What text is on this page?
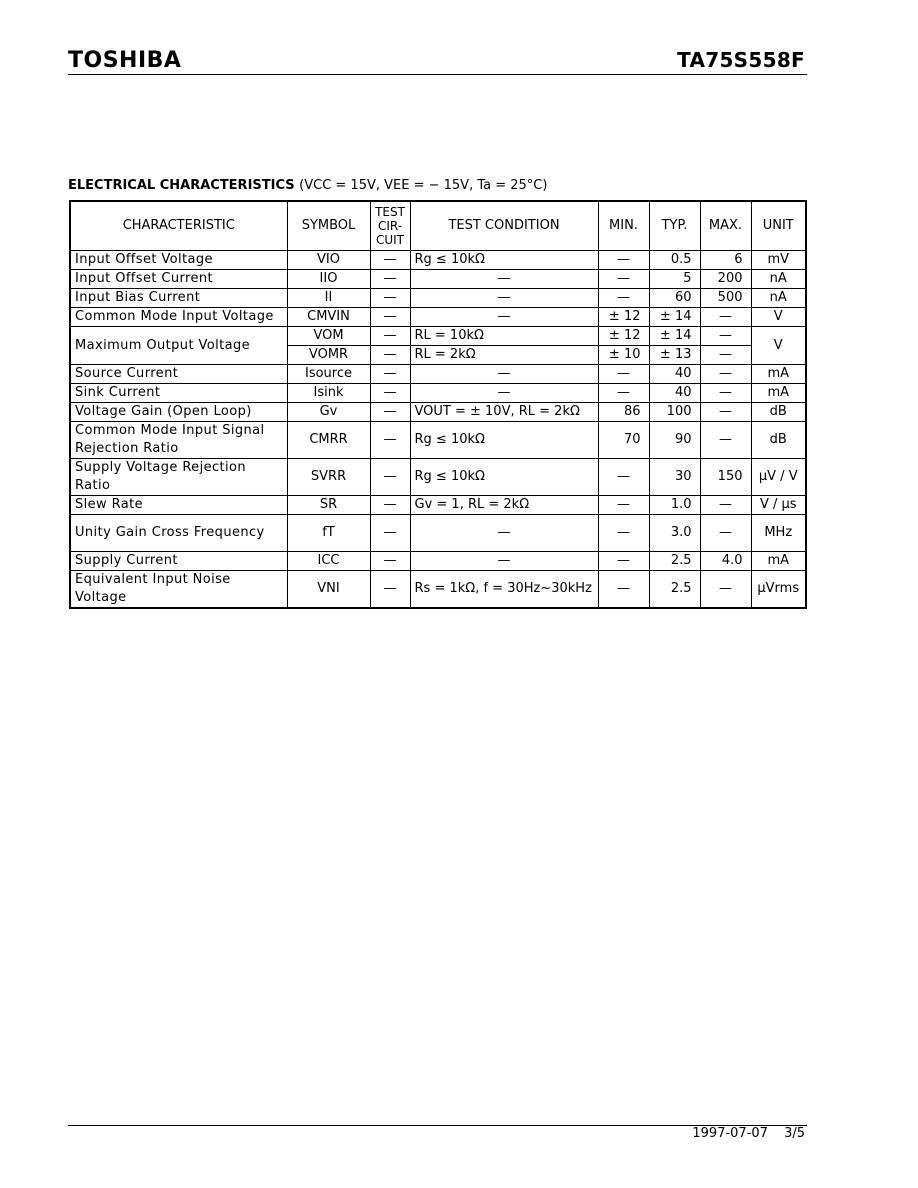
TOSHIBA	TA75S558F
ELECTRICAL CHARACTERISTICS (VCC = 15V, VEE = − 15V, Ta = 25°C)
CHARACTERISTIC	SYMBOL	TEST CIR-CUIT	TEST CONDITION	MIN.	TYP.	MAX.	UNIT
Input Offset Voltage	VIO	—	Rg ≤ 10kΩ	—	0.5	6	mV
Input Offset Current	IIO	—	—	—	5	200	nA
Input Bias Current	II	—	—	—	60	500	nA
Common Mode Input Voltage	CMVIN	—	—	± 12	± 14	—	V
Maximum Output Voltage	VOM	—	RL = 10kΩ	± 12	± 14	—	V
	VOMR	—	RL = 2kΩ	± 10	± 13	—	
Source Current	Isource	—	—	—	40	—	mA
Sink Current	Isink	—	—	—	40	—	mA
Voltage Gain (Open Loop)	Gv	—	VOUT = ± 10V, RL = 2kΩ	86	100	—	dB
Common Mode Input Signal Rejection Ratio	CMRR	—	Rg ≤ 10kΩ	70	90	—	dB
Supply Voltage Rejection Ratio	SVRR	—	Rg ≤ 10kΩ	—	30	150	μV / V
Slew Rate	SR	—	Gv = 1, RL = 2kΩ	—	1.0	—	V / μs
Unity Gain Cross Frequency	fT	—	—	—	3.0	—	MHz
Supply Current	ICC	—	—	—	2.5	4.0	mA
Equivalent Input Noise Voltage	VNI	—	Rs = 1kΩ, f = 30Hz~30kHz	—	2.5	—	μVrms
1997-07-07 3/5
